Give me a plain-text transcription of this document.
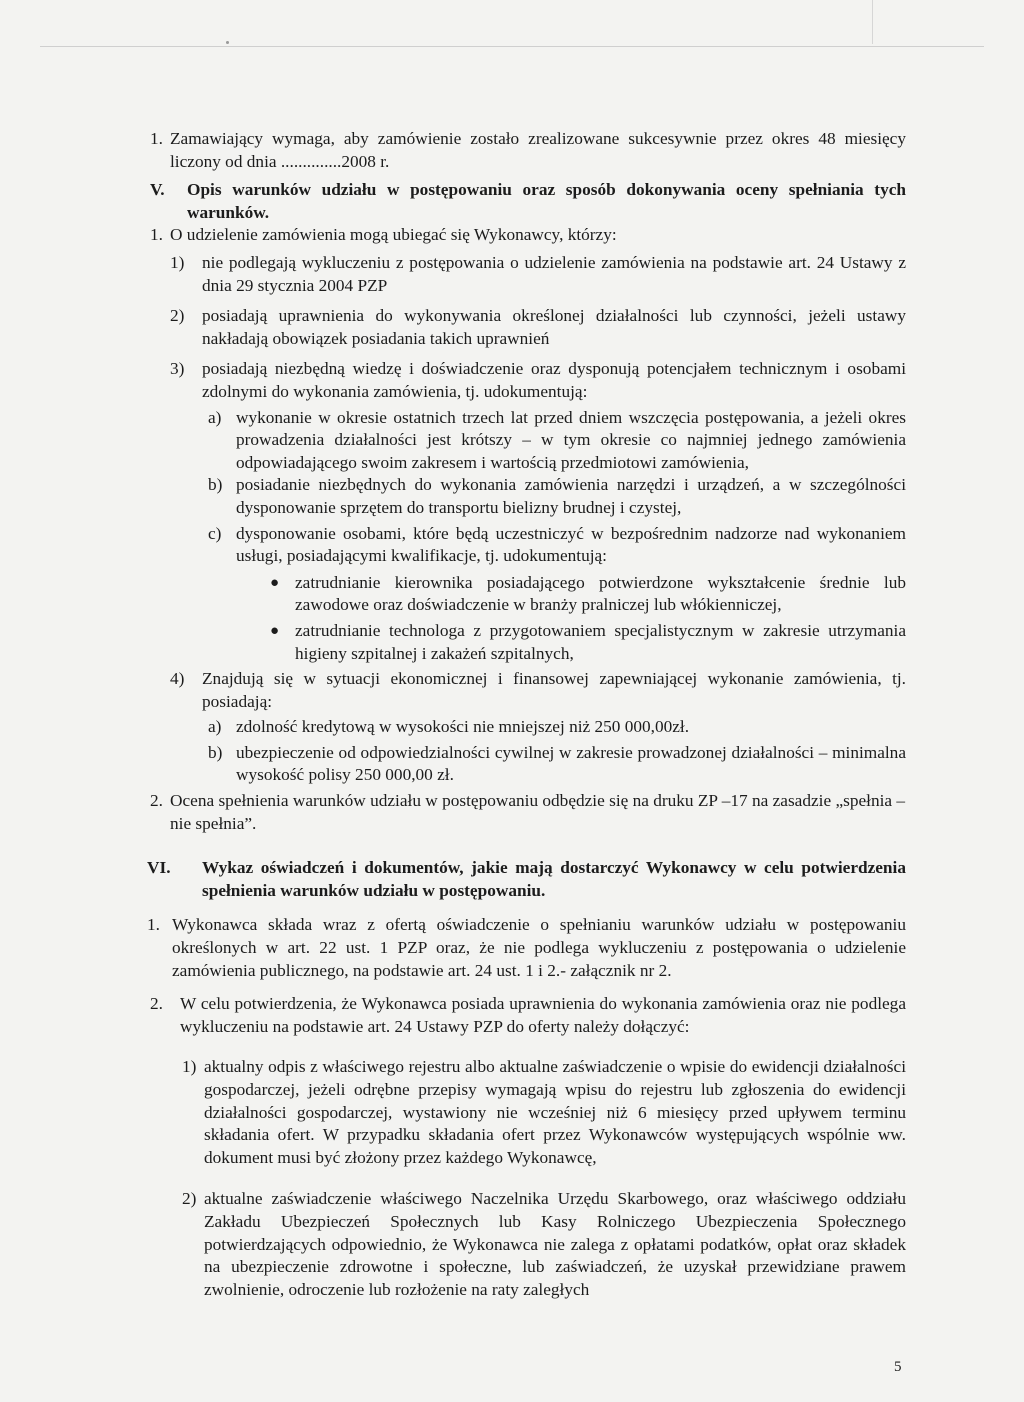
1. Zamawiający wymaga, aby zamówienie zostało zrealizowane sukcesywnie przez okres 48 miesięcy liczony od dnia ..............2008 r.
V. Opis warunków udziału w postępowaniu oraz sposób dokonywania oceny spełniania tych warunków.
1. O udzielenie zamówienia mogą ubiegać się Wykonawcy, którzy:
1) nie podlegają wykluczeniu z postępowania o udzielenie zamówienia na podstawie art. 24 Ustawy z dnia 29 stycznia 2004 PZP
2) posiadają uprawnienia do wykonywania określonej działalności lub czynności, jeżeli ustawy nakładają obowiązek posiadania takich uprawnień
3) posiadają niezbędną wiedzę i doświadczenie oraz dysponują potencjałem technicznym i osobami zdolnymi do wykonania zamówienia, tj. udokumentują:
a) wykonanie w okresie ostatnich trzech lat przed dniem wszczęcia postępowania, a jeżeli okres prowadzenia działalności jest krótszy – w tym okresie co najmniej jednego zamówienia odpowiadającego swoim zakresem i wartością przedmiotowi zamówienia,
b) posiadanie niezbędnych do wykonania zamówienia narzędzi i urządzeń, a w szczególności dysponowanie sprzętem do transportu bielizny brudnej i czystej,
c) dysponowanie osobami, które będą uczestniczyć w bezpośrednim nadzorze nad wykonaniem usługi, posiadającymi kwalifikacje, tj. udokumentują:
● zatrudnianie kierownika posiadającego potwierdzone wykształcenie średnie lub zawodowe oraz doświadczenie w branży pralniczej lub włókienniczej,
● zatrudnianie technologa z przygotowaniem specjalistycznym w zakresie utrzymania higieny szpitalnej i zakażeń szpitalnych,
4) Znajdują się w sytuacji ekonomicznej i finansowej zapewniającej wykonanie zamówienia, tj. posiadają:
a) zdolność kredytową w wysokości nie mniejszej niż 250 000,00zł.
b) ubezpieczenie od odpowiedzialności cywilnej w zakresie prowadzonej działalności – minimalna wysokość polisy 250 000,00 zł.
2. Ocena spełnienia warunków udziału w postępowaniu odbędzie się na druku ZP –17 na zasadzie „spełnia – nie spełnia”.
VI. Wykaz oświadczeń i dokumentów, jakie mają dostarczyć Wykonawcy w celu potwierdzenia spełnienia warunków udziału w postępowaniu.
1. Wykonawca składa wraz z ofertą oświadczenie o spełnianiu warunków udziału w postępowaniu określonych w art. 22 ust. 1 PZP oraz, że nie podlega wykluczeniu z postępowania o udzielenie zamówienia publicznego, na podstawie art. 24 ust. 1 i 2.- załącznik nr 2.
2. W celu potwierdzenia, że Wykonawca posiada uprawnienia do wykonania zamówienia oraz nie podlega wykluczeniu na podstawie art. 24 Ustawy PZP do oferty należy dołączyć:
1) aktualny odpis z właściwego rejestru albo aktualne zaświadczenie o wpisie do ewidencji działalności gospodarczej, jeżeli odrębne przepisy wymagają wpisu do rejestru lub zgłoszenia do ewidencji działalności gospodarczej, wystawiony nie wcześniej niż 6 miesięcy przed upływem terminu składania ofert. W przypadku składania ofert przez Wykonawców występujących wspólnie ww. dokument musi być złożony przez każdego Wykonawcę,
2) aktualne zaświadczenie właściwego Naczelnika Urzędu Skarbowego, oraz właściwego oddziału Zakładu Ubezpieczeń Społecznych lub Kasy Rolniczego Ubezpieczenia Społecznego potwierdzających odpowiednio, że Wykonawca nie zalega z opłatami podatków, opłat oraz składek na ubezpieczenie zdrowotne i społeczne, lub zaświadczeń, że uzyskał przewidziane prawem zwolnienie, odroczenie lub rozłożenie na raty zaległych
5
